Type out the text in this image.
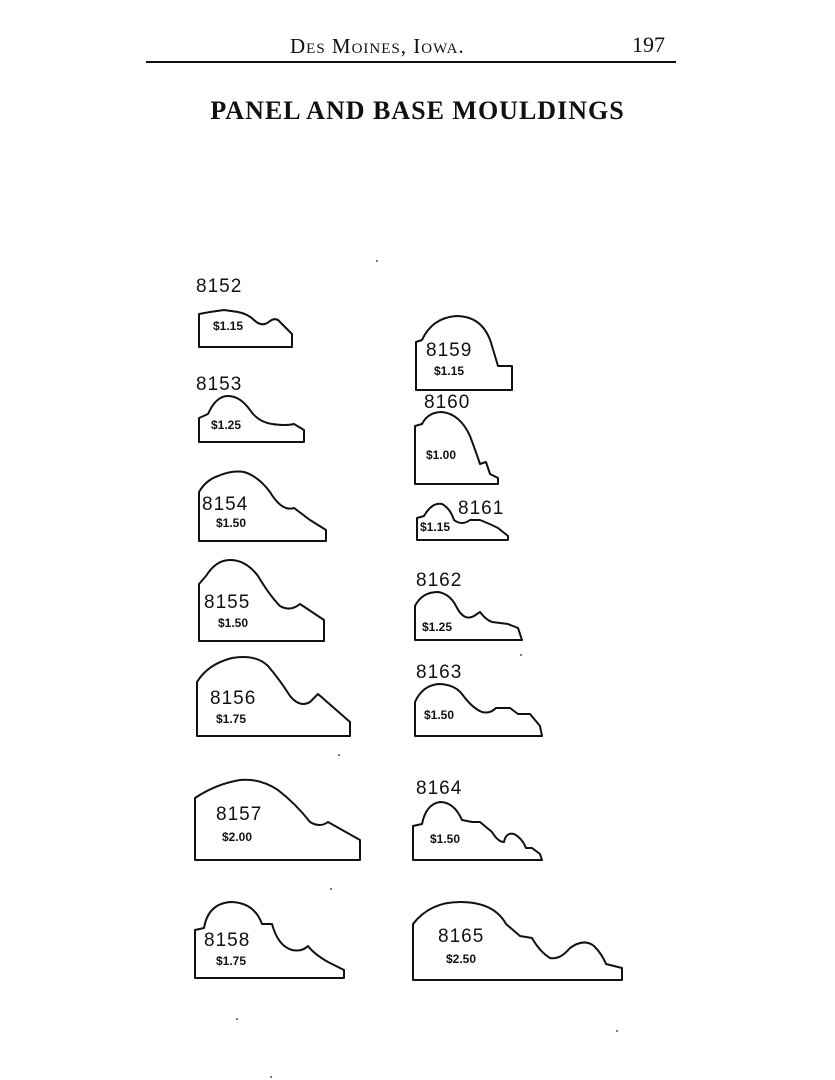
Des Moines, Iowa.	197
PANEL AND BASE MOULDINGS
8152
$1.15
8153
$1.25
8154
$1.50
8155
$1.50
8156
$1.75
8157
$2.00
8158
$1.75
8159
$1.15
8160
$1.00
8161
$1.15
8162
$1.25
8163
$1.50
8164
$1.50
8165
$2.50
